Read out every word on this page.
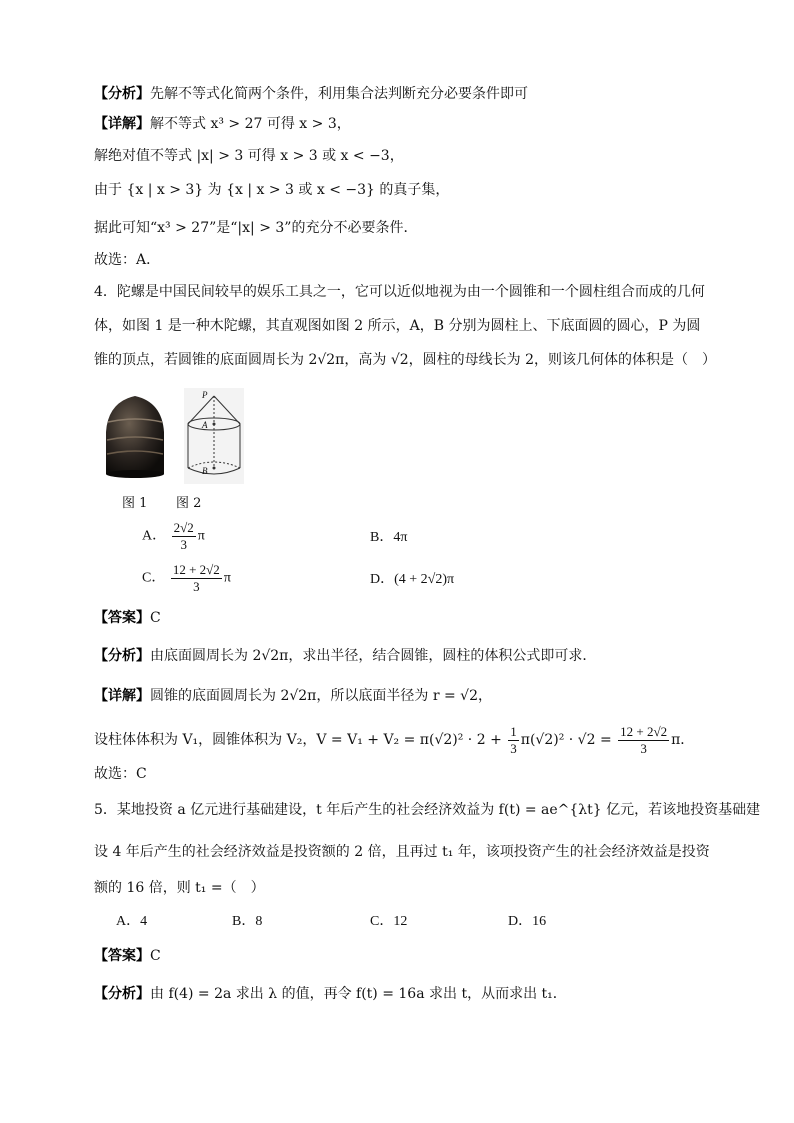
【分析】先解不等式化简两个条件，利用集合法判断充分必要条件即可
【详解】解不等式 x³ > 27 可得 x > 3，
解绝对值不等式 |x| > 3 可得 x > 3 或 x < −3，
由于 {x | x > 3} 为 {x | x > 3 或 x < −3} 的真子集，
据此可知“x³ > 27”是“|x| > 3”的充分不必要条件．
故选：A．
4．陀螺是中国民间较早的娱乐工具之一，它可以近似地视为由一个圆锥和一个圆柱组合而成的几何
体，如图 1 是一种木陀螺，其直观图如图 2 所示，A，B 分别为圆柱上、下底面圆的圆心，P 为圆
锥的顶点，若圆锥的底面圆周长为 2√2π，高为 √2，圆柱的母线长为 2，则该几何体的体积是（　）
P
A
B
图 1 图 2
A． $\frac{2√2}{3}$ π	B．4π
C． $\frac{12 + 2√2}{3}$ π	D．(4 + 2√2)π
【答案】C
【分析】由底面圆周长为 2√2π，求出半径，结合圆锥，圆柱的体积公式即可求．
【详解】圆锥的底面圆周长为 2√2π，所以底面半径为 r = √2，
设柱体体积为 V₁，圆锥体积为 V₂，$V = V_1 + V_2 = \pi(√2)^2 \cdot 2 + \frac{1}{3} \pi(√2)^2 \cdot √2 = \frac{12 + 2√2}{3}$ π．
故选：C
5．某地投资 a 亿元进行基础建设，t 年后产生的社会经济效益为 f(t) = ae^{λt} 亿元，若该地投资基础建
设 4 年后产生的社会经济效益是投资额的 2 倍，且再过 t₁ 年，该项投资产生的社会经济效益是投资
额的 16 倍，则 t₁ =（　）
A．4	B．8	C．12	D．16
【答案】C
【分析】由 f(4) = 2a 求出 λ 的值，再令 f(t) = 16a 求出 t，从而求出 t₁．
